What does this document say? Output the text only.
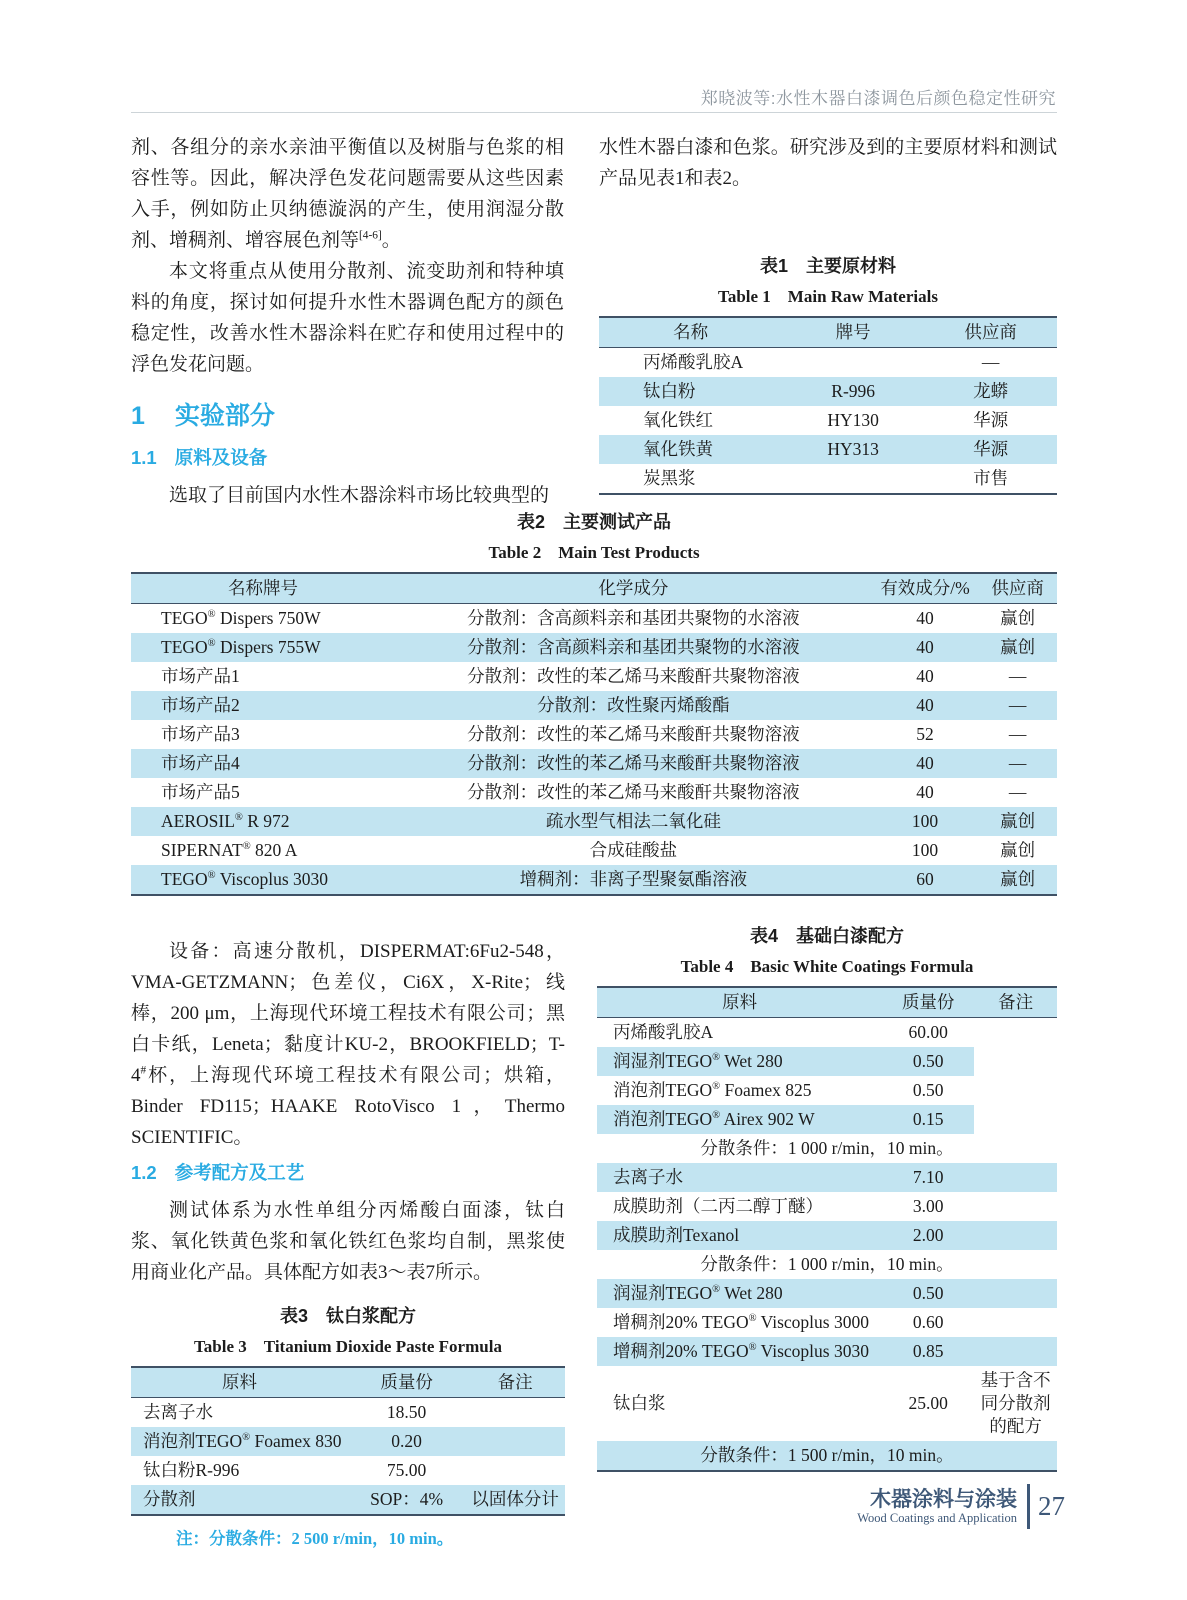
郑晓波等:水性木器白漆调色后颜色稳定性研究

剂、各组分的亲水亲油平衡值以及树脂与色浆的相容性等。因此，解决浮色发花问题需要从这些因素入手，例如防止贝纳德漩涡的产生，使用润湿分散剂、增稠剂、增容展色剂等[4-6]。

本文将重点从使用分散剂、流变助剂和特种填料的角度，探讨如何提升水性木器调色配方的颜色稳定性，改善水性木器涂料在贮存和使用过程中的浮色发花问题。

1 实验部分
1.1 原料及设备

选取了目前国内水性木器涂料市场比较典型的

水性木器白漆和色浆。研究涉及到的主要原材料和测试产品见表1和表2。

表1　主要原材料
Table 1　Main Raw Materials
名称	牌号	供应商
丙烯酸乳胶A		—
钛白粉	R-996	龙蟒
氧化铁红	HY130	华源
氧化铁黄	HY313	华源
炭黑浆		市售
表2　主要测试产品
Table 2　Main Test Products
名称牌号	化学成分	有效成分/%	供应商
TEGO® Dispers 750W	分散剂：含高颜料亲和基团共聚物的水溶液	40	赢创
TEGO® Dispers 755W	分散剂：含高颜料亲和基团共聚物的水溶液	40	赢创
市场产品1	分散剂：改性的苯乙烯马来酸酐共聚物溶液	40	—
市场产品2	分散剂：改性聚丙烯酸酯	40	—
市场产品3	分散剂：改性的苯乙烯马来酸酐共聚物溶液	52	—
市场产品4	分散剂：改性的苯乙烯马来酸酐共聚物溶液	40	—
市场产品5	分散剂：改性的苯乙烯马来酸酐共聚物溶液	40	—
AEROSIL® R 972	疏水型气相法二氧化硅	100	赢创
SIPERNAT® 820 A	合成硅酸盐	100	赢创
TEGO® Viscoplus 3030	增稠剂：非离子型聚氨酯溶液	60	赢创

设备：高速分散机，DISPERMAT:6Fu2-548，VMA-GETZMANN；色差仪，Ci6X，X-Rite；线棒，200 μm，上海现代环境工程技术有限公司；黑白卡纸，Leneta；黏度计KU-2，BROOKFIELD；T-4#杯，上海现代环境工程技术有限公司；烘箱，Binder FD115；HAAKE RotoVisco 1，Thermo SCIENTIFIC。

1.2 参考配方及工艺

测试体系为水性单组分丙烯酸白面漆，钛白浆、氧化铁黄色浆和氧化铁红色浆均自制，黑浆使用商业化产品。具体配方如表3～表7所示。

表3　钛白浆配方
Table 3　Titanium Dioxide Paste Formula
原料	质量份	备注
去离子水	18.50	
消泡剂TEGO® Foamex 830	0.20	
钛白粉R-996	75.00	
分散剂	SOP：4%	以固体分计
注：分散条件：2 500 r/min，10 min。
表4　基础白漆配方
Table 4　Basic White Coatings Formula
原料	质量份	备注
丙烯酸乳胶A	60.00	
润湿剂TEGO® Wet 280	0.50	
消泡剂TEGO® Foamex 825	0.50	
消泡剂TEGO® Airex 902 W	0.15	
分散条件：1 000 r/min，10 min。		
去离子水	7.10	
成膜助剂（二丙二醇丁醚）	3.00	
成膜助剂Texanol	2.00	
分散条件：1 000 r/min，10 min。		
润湿剂TEGO® Wet 280	0.50	
增稠剂20% TEGO® Viscoplus 3000	0.60	
增稠剂20% TEGO® Viscoplus 3030	0.85	
钛白浆	25.00	基于含不同分散剂的配方
分散条件：1 500 r/min，10 min。		
木器涂料与涂装
Wood Coatings and Application 27
